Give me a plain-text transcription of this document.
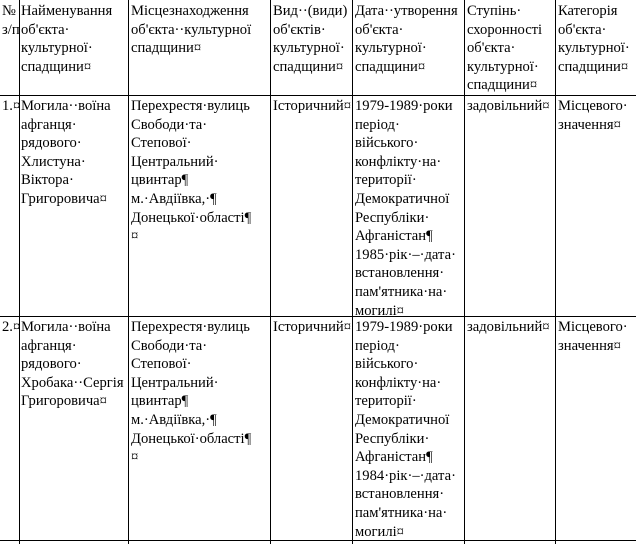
№
з/п
Найменування
об'єкта·
культурної·
спадщини¤
Місцезнаходження
об'єкта··культурної
спадщини¤
Вид··(види)
об'єктів·
культурної·
спадщини¤
Дата··утворення
об'єкта·
культурної·
спадщини¤
Ступінь·
схоронності
об'єкта·
культурної·
спадщини¤
Категорія
об'єкта·
культурної·
спадщини¤
1.¤ Могила··воїна
афганця·
рядового·
Хлистуна·
Віктора·
Григоровича¤
Перехрестя·вулиць
Свободи·та·
Степової·
Центральний·
цвинтар¶
м.·Авдіївка,·¶
Донецької·області¶
¤
Історичний¤ 1979-1989·роки
період·
війського·
конфлікту·на·
території·
Демократичної
Республіки·
Афганістан¶
1985·рік·–·дата·
встановлення·
пам'ятника·на·
могилі¤
задовільний¤ Місцевого·
значення¤
2.¤ Могила··воїна
афганця·
рядового·
Хробака··Сергія
Григоровича¤
Перехрестя·вулиць
Свободи·та·
Степової·
Центральний·
цвинтар¶
м.·Авдіївка,·¶
Донецької·області¶
¤
Історичний¤ 1979-1989·роки
період·
війського·
конфлікту·на·
території·
Демократичної
Республіки·
Афганістан¶
1984·рік·–·дата·
встановлення·
пам'ятника·на·
могилі¤
задовільний¤ Місцевого·
значення¤
